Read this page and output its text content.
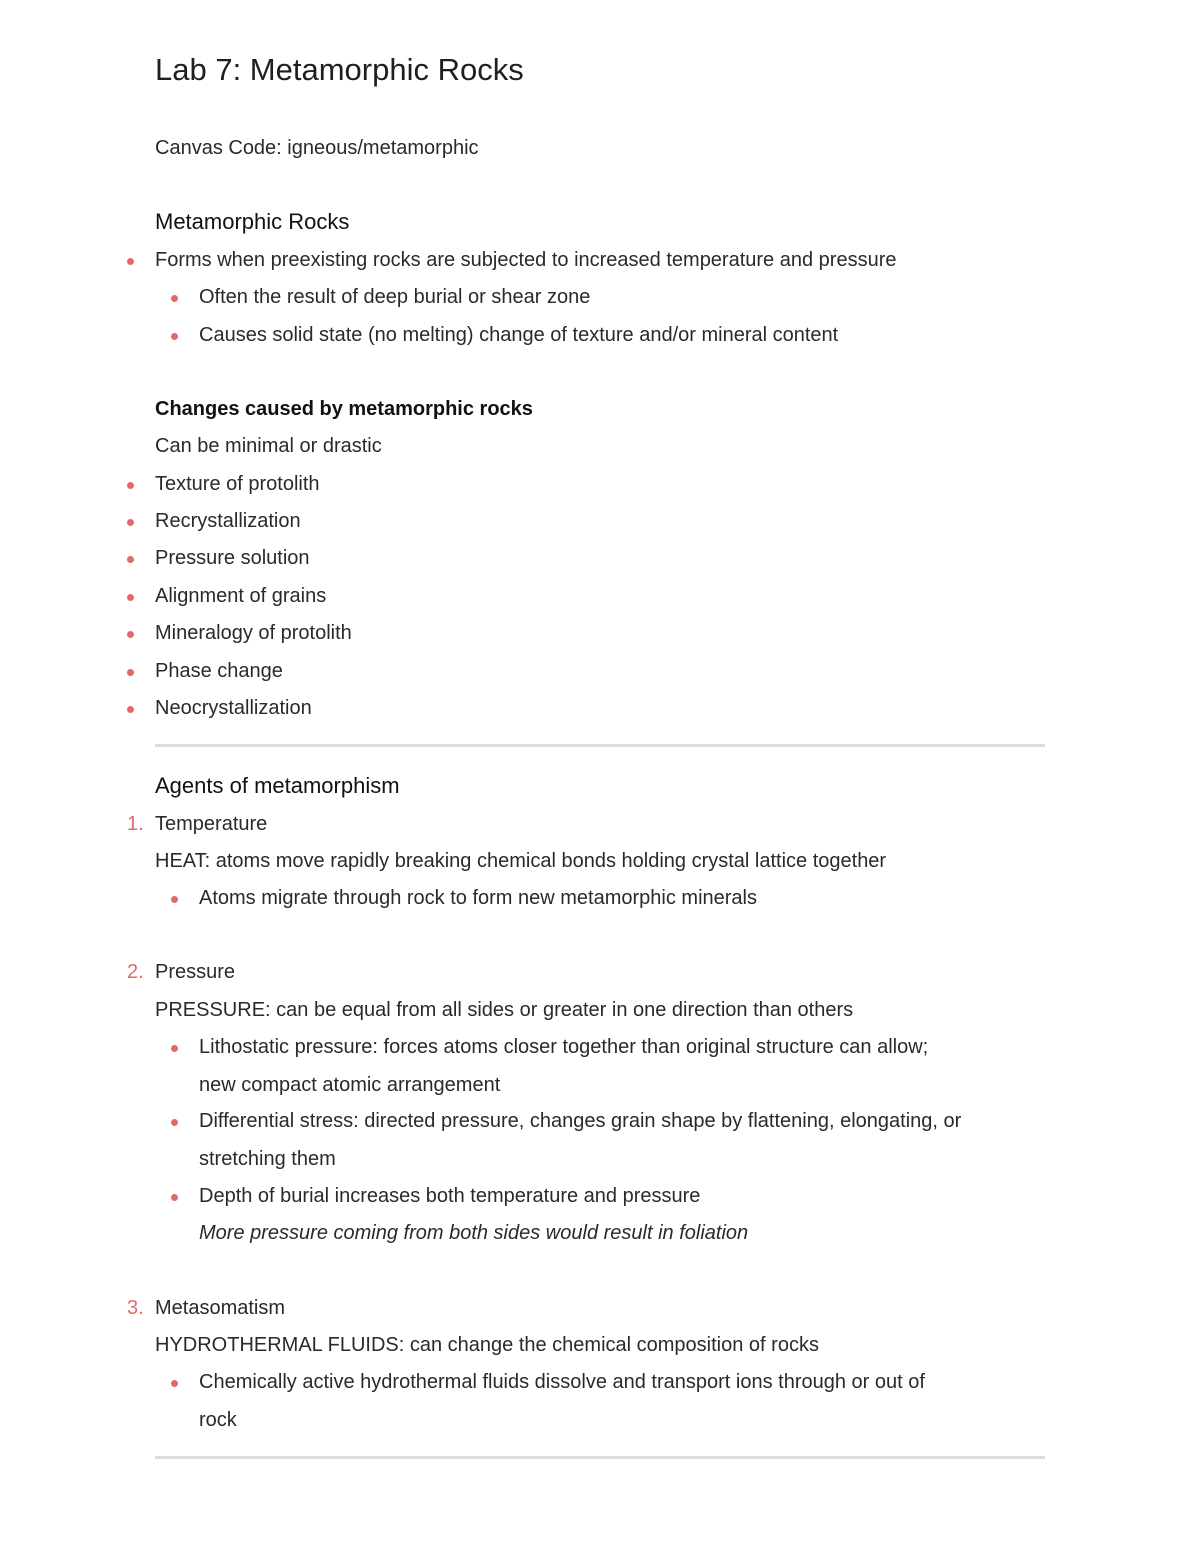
Lab 7: Metamorphic Rocks
Canvas Code: igneous/metamorphic
Metamorphic Rocks
Forms when preexisting rocks are subjected to increased temperature and pressure
Often the result of deep burial or shear zone
Causes solid state (no melting) change of texture and/or mineral content
Changes caused by metamorphic rocks
Can be minimal or drastic
Texture of protolith
Recrystallization
Pressure solution
Alignment of grains
Mineralogy of protolith
Phase change
Neocrystallization
Agents of metamorphism
1. Temperature
HEAT: atoms move rapidly breaking chemical bonds holding crystal lattice together
Atoms migrate through rock to form new metamorphic minerals
2. Pressure
PRESSURE: can be equal from all sides or greater in one direction than others
Lithostatic pressure: forces atoms closer together than original structure can allow;
new compact atomic arrangement
Differential stress: directed pressure, changes grain shape by flattening, elongating, or
stretching them
Depth of burial increases both temperature and pressure
More pressure coming from both sides would result in foliation
3. Metasomatism
HYDROTHERMAL FLUIDS: can change the chemical composition of rocks
Chemically active hydrothermal fluids dissolve and transport ions through or out of
rock
